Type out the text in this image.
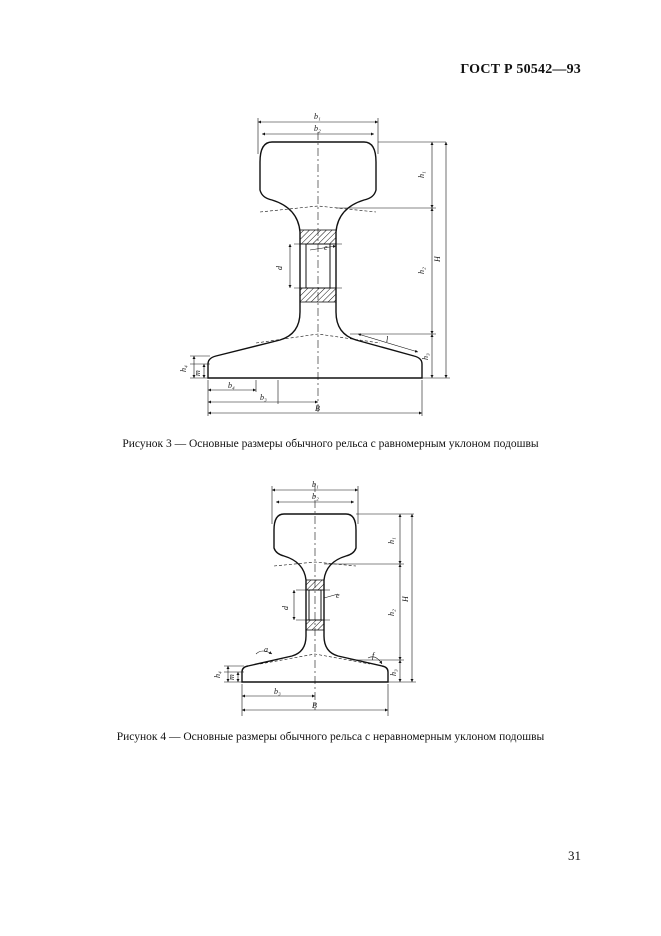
ГОСТ Р 50542—93
b₁
b₂
h₁
h₂
H
h₃
h₄
m
d
e
l
b₄
b₃
B
Рисунок 3 — Основные размеры обычного рельса с равномерным уклоном подошвы
b₁
b₂
h₁
h₂
H
h₃
h₄ m
d
e
a
f
b₃
B
Рисунок 4 — Основные размеры обычного рельса с неравномерным уклоном подошвы
31
